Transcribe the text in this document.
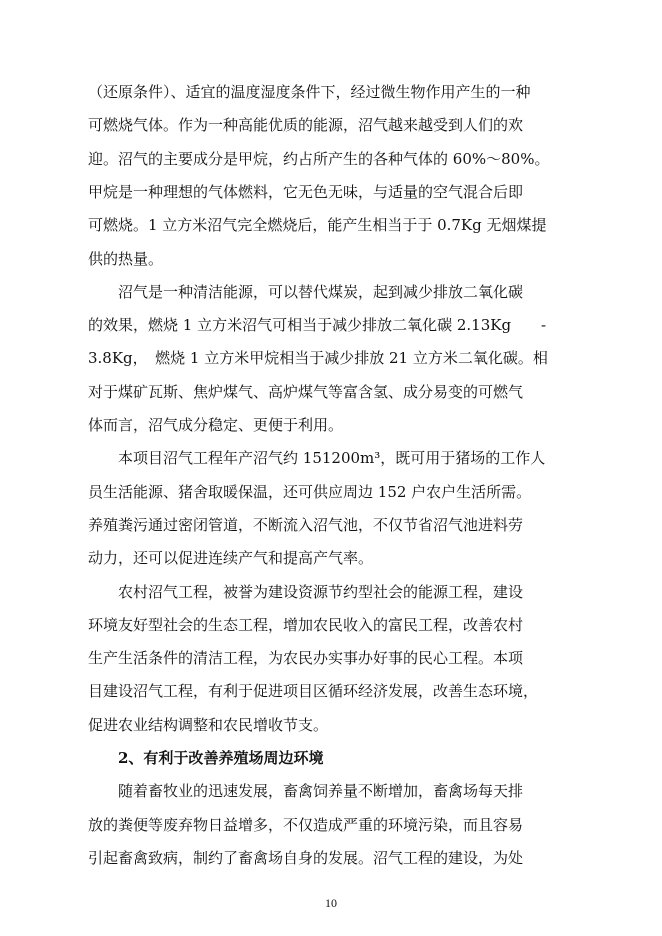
（还原条件）、适宜的温度湿度条件下，经过微生物作用产生的一种
可燃烧气体。作为一种高能优质的能源，沼气越来越受到人们的欢
迎。沼气的主要成分是甲烷，约占所产生的各种气体的 60%～80%。
甲烷是一种理想的气体燃料，它无色无味，与适量的空气混合后即
可燃烧。1 立方米沼气完全燃烧后，能产生相当于于 0.7Kg 无烟煤提
供的热量。
沼气是一种清洁能源，可以替代煤炭，起到减少排放二氧化碳
的效果，燃烧 1 立方米沼气可相当于减少排放二氧化碳 2.13Kg　　-
3.8Kg，　燃烧 1 立方米甲烷相当于减少排放 21 立方米二氧化碳。相
对于煤矿瓦斯、焦炉煤气、高炉煤气等富含氢、成分易变的可燃气
体而言，沼气成分稳定、更便于利用。
本项目沼气工程年产沼气约 151200m³，既可用于猪场的工作人
员生活能源、猪舍取暖保温，还可供应周边 152 户农户生活所需。
养殖粪污通过密闭管道，不断流入沼气池，不仅节省沼气池进料劳
动力，还可以促进连续产气和提高产气率。
农村沼气工程，被誉为建设资源节约型社会的能源工程，建设
环境友好型社会的生态工程，增加农民收入的富民工程，改善农村
生产生活条件的清洁工程，为农民办实事办好事的民心工程。本项
目建设沼气工程，有利于促进项目区循环经济发展，改善生态环境，
促进农业结构调整和农民增收节支。
2、有利于改善养殖场周边环境
随着畜牧业的迅速发展，畜禽饲养量不断增加，畜禽场每天排
放的粪便等废弃物日益增多，不仅造成严重的环境污染，而且容易
引起畜禽致病，制约了畜禽场自身的发展。沼气工程的建设，为处
10
